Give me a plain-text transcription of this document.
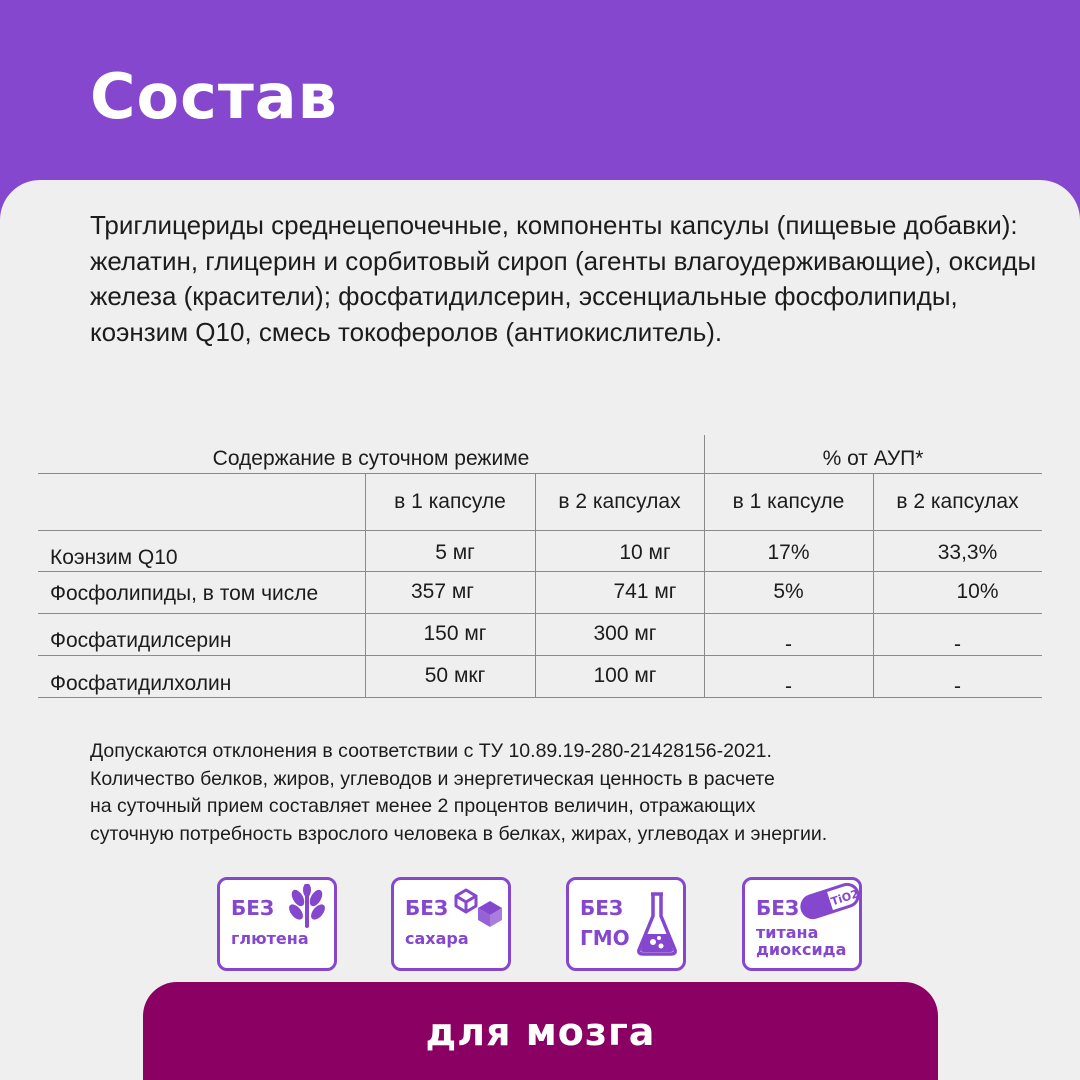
Состав
Триглицериды среднецепочечные, компоненты капсулы (пищевые добавки): желатин, глицерин и сорбитовый сироп (агенты влагоудерживающие), оксиды железа (красители); фосфатидилсерин, эссенциальные фосфолипиды, коэнзим Q10, смесь токоферолов (антиокислитель).
Содержание в суточном режиме	% от АУП*
в 1 капсуле	в 2 капсулах	в 1 капсуле	в 2 капсулах
Коэнзим Q10	5 мг	10 мг	17%	33,3%
Фосфолипиды, в том числе	357 мг	741 мг	5%	10%
Фосфатидилсерин	150 мг	300 мг	-	-
Фосфатидилхолин	50 мкг	100 мг	-	-
Допускаются отклонения в соответствии с ТУ 10.89.19-280-21428156-2021.
Количество белков, жиров, углеводов и энергетическая ценность в расчете
на суточный прием составляет менее 2 процентов величин, отражающих
суточную потребность взрослого человека в белках, жирах, углеводах и энергии.
БЕЗ
глютена
БЕЗ
сахара
БЕЗ
ГМО
БЕЗ	TiO2
титана
диоксида
для мозга
